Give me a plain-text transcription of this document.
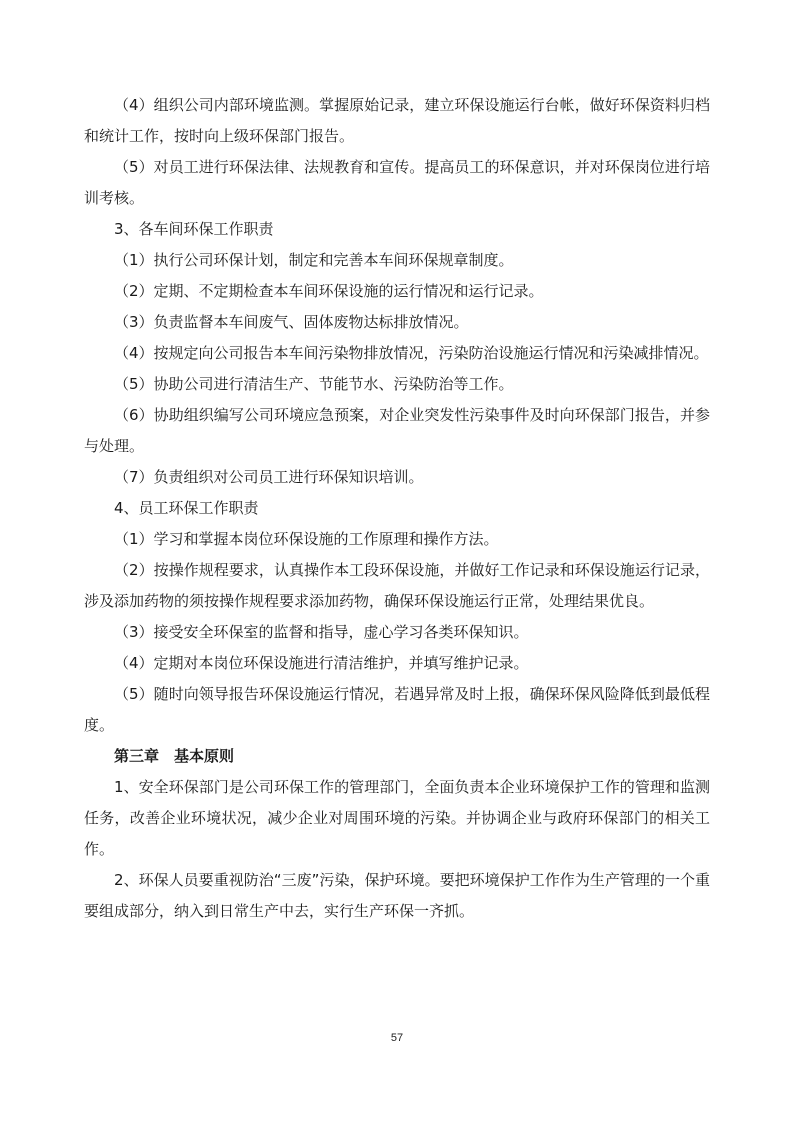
（4）组织公司内部环境监测。掌握原始记录，建立环保设施运行台帐，做好环保资料归档和统计工作，按时向上级环保部门报告。

（5）对员工进行环保法律、法规教育和宣传。提高员工的环保意识，并对环保岗位进行培训考核。

3、各车间环保工作职责

（1）执行公司环保计划，制定和完善本车间环保规章制度。

（2）定期、不定期检查本车间环保设施的运行情况和运行记录。

（3）负责监督本车间废气、固体废物达标排放情况。

（4）按规定向公司报告本车间污染物排放情况，污染防治设施运行情况和污染减排情况。

（5）协助公司进行清洁生产、节能节水、污染防治等工作。

（6）协助组织编写公司环境应急预案，对企业突发性污染事件及时向环保部门报告，并参与处理。

（7）负责组织对公司员工进行环保知识培训。

4、员工环保工作职责

（1）学习和掌握本岗位环保设施的工作原理和操作方法。

（2）按操作规程要求，认真操作本工段环保设施，并做好工作记录和环保设施运行记录，涉及添加药物的须按操作规程要求添加药物，确保环保设施运行正常，处理结果优良。

（3）接受安全环保室的监督和指导，虚心学习各类环保知识。

（4）定期对本岗位环保设施进行清洁维护，并填写维护记录。

（5）随时向领导报告环保设施运行情况，若遇异常及时上报，确保环保风险降低到最低程度。

第三章　基本原则

1、安全环保部门是公司环保工作的管理部门，全面负责本企业环境保护工作的管理和监测任务，改善企业环境状况，减少企业对周围环境的污染。并协调企业与政府环保部门的相关工作。

2、环保人员要重视防治“三废”污染，保护环境。要把环境保护工作作为生产管理的一个重要组成部分，纳入到日常生产中去，实行生产环保一齐抓。

57
